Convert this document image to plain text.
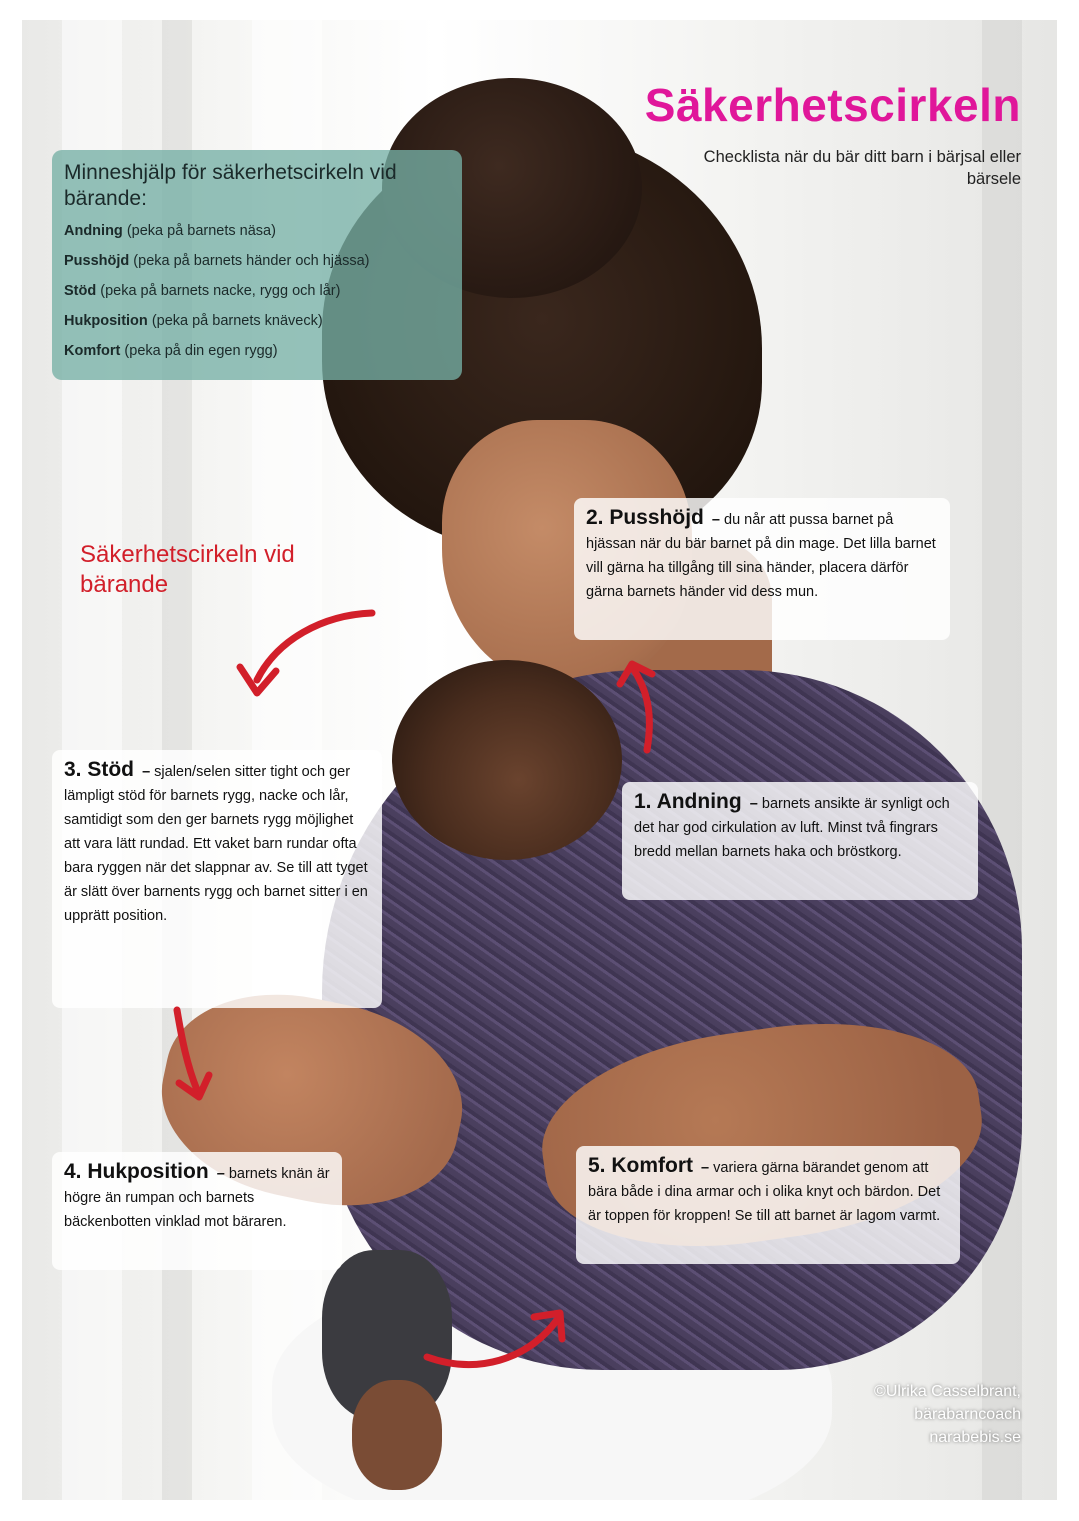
Säkerhetscirkeln
Checklista när du bär ditt barn i bärjsal eller bärsele
Minneshjälp för säkerhetscirkeln vid bärande:
Andning (peka på barnets näsa)
Pusshöjd (peka på barnets händer och hjässa)
Stöd (peka på barnets nacke, rygg och lår)
Hukposition (peka på barnets knäveck)
Komfort (peka på din egen rygg)
Säkerhetscirkeln vid bärande
2. Pusshöjd  – du når att pussa barnet på hjässan när du bär barnet på din mage. Det lilla barnet vill gärna ha tillgång till sina händer, placera därför gärna barnets händer vid dess mun.
3. Stöd  – sjalen/selen sitter tight och ger lämpligt stöd för barnets rygg, nacke och lår, samtidigt som den ger barnets rygg möjlighet att vara lätt rundad. Ett vaket barn rundar ofta bara ryggen när det slappnar av. Se till att tyget är slätt över barnents rygg och barnet sitter i en upprätt position.
1. Andning  – barnets ansikte är synligt och det har god cirkulation av luft. Minst två fingrars bredd mellan barnets haka och bröstkorg.
4. Hukposition  – barnets knän är högre än rumpan och barnets bäckenbotten vinklad mot bäraren.
5. Komfort  – variera gärna bärandet genom att bära både i dina armar och i olika knyt och bärdon. Det är toppen för kroppen! Se till att barnet är lagom varmt.
©Ulrika Casselbrant,
bärabarncoach
narabebis.se
